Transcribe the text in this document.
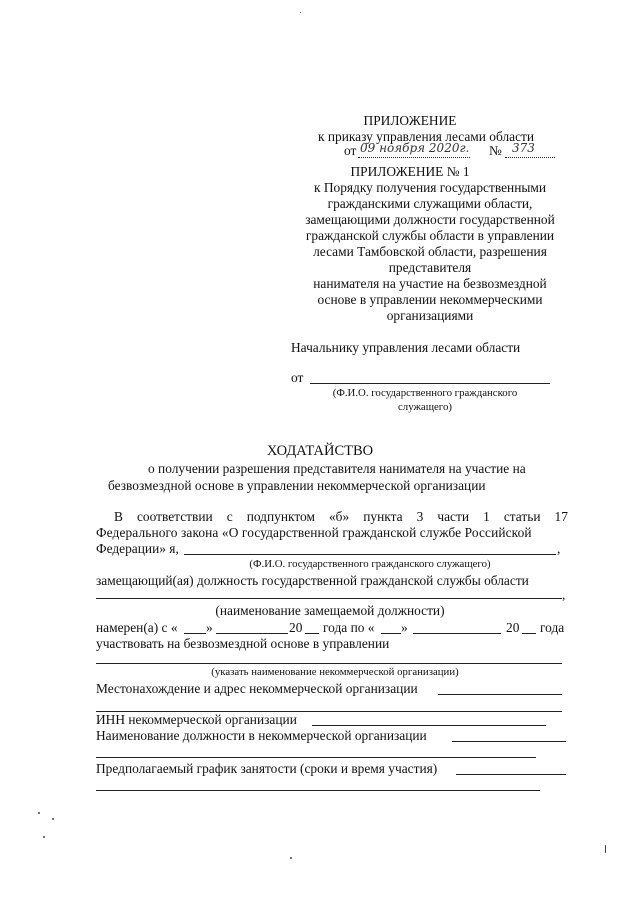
ПРИЛОЖЕНИЕ
к приказу управления лесами области
от 09 ноября 2020г. № 373
ПРИЛОЖЕНИЕ № 1
к Порядку получения государственными
гражданскими служащими области,
замещающими должности государственной
гражданской службы области в управлении
лесами Тамбовской области, разрешения
представителя
нанимателя на участие на безвозмездной
основе в управлении некоммерческими
организациями
Начальнику управления лесами области
от
(Ф.И.О. государственного гражданского
служащего)
ХОДАТАЙСТВО
о получении разрешения представителя нанимателя на участие на
безвозмездной основе в управлении некоммерческой организации
В соответствии с подпунктом «б» пункта 3 части 1 статьи 17
Федерального закона «О государственной гражданской службе Российской
Федерации» я,	,
(Ф.И.О. государственного гражданского служащего)
замещающий(ая) должность государственной гражданской службы области
,
(наименование замещаемой должности)
намерен(а) с « »	20 года по « »	20 года
участвовать на безвозмездной основе в управлении
(указать наименование некоммерческой организации)
Местонахождение и адрес некоммерческой организации
ИНН некоммерческой организации
Наименование должности в некоммерческой организации
Предполагаемый график занятости (сроки и время участия)
